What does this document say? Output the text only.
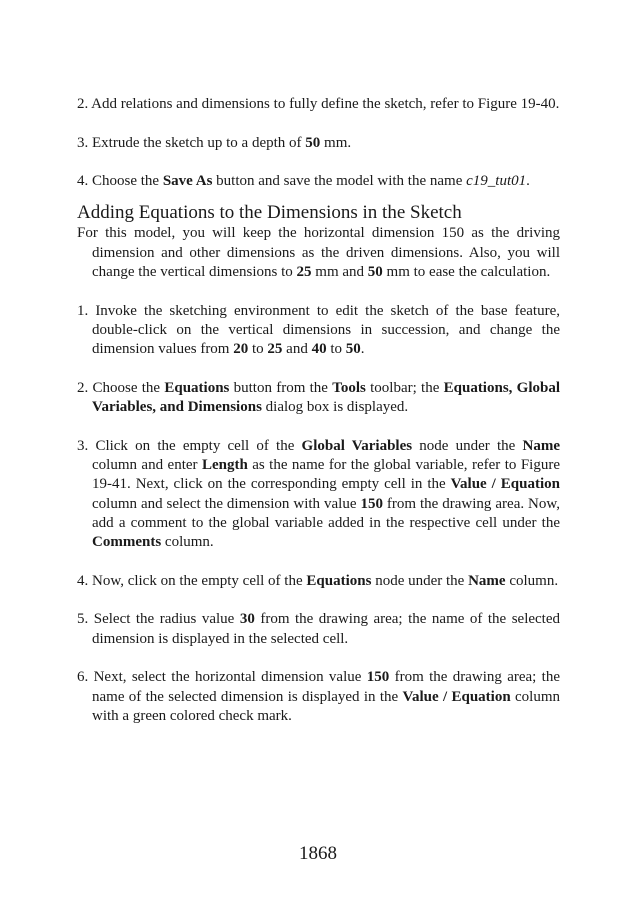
2. Add relations and dimensions to fully define the sketch, refer to Figure 19-40.
3. Extrude the sketch up to a depth of 50 mm.
4. Choose the Save As button and save the model with the name c19_tut01.
Adding Equations to the Dimensions in the Sketch
For this model, you will keep the horizontal dimension 150 as the driving dimension and other dimensions as the driven dimensions. Also, you will change the vertical dimensions to 25 mm and 50 mm to ease the calculation.
1. Invoke the sketching environment to edit the sketch of the base feature, double-click on the vertical dimensions in succession, and change the dimension values from 20 to 25 and 40 to 50.
2. Choose the Equations button from the Tools toolbar; the Equations, Global Variables, and Dimensions dialog box is displayed.
3. Click on the empty cell of the Global Variables node under the Name column and enter Length as the name for the global variable, refer to Figure 19-41. Next, click on the corresponding empty cell in the Value / Equation column and select the dimension with value 150 from the drawing area. Now, add a comment to the global variable added in the respective cell under the Comments column.
4. Now, click on the empty cell of the Equations node under the Name column.
5. Select the radius value 30 from the drawing area; the name of the selected dimension is displayed in the selected cell.
6. Next, select the horizontal dimension value 150 from the drawing area; the name of the selected dimension is displayed in the Value / Equation column with a green colored check mark.
1868
